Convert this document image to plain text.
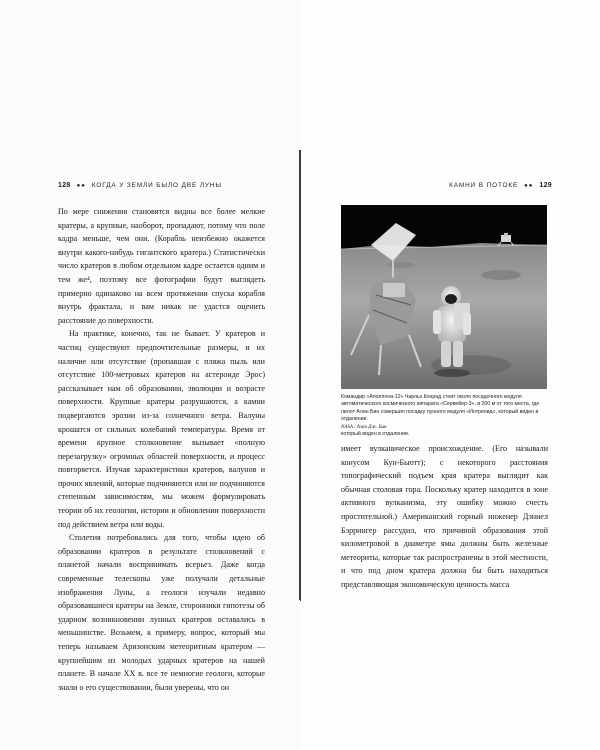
128 ●● КОГДА У ЗЕМЛИ БЫЛО ДВЕ ЛУНЫ

По мере снижения становятся видны все более мелкие кратеры, а крупные, наоборот, пропадают, потому что поле кадра меньше, чем они. (Корабль неизбежно окажется внутри какого-нибудь гигантского кратера.) Статистически число кратеров в любом отдельном кадре остается одним и тем же⁴, поэтому все фотографии будут выглядеть примерно одинаково на всем протяжении спуска корабля внутрь фрактала, и вам никак не удастся оценить расстояние до поверхности.

На практике, конечно, так не бывает. У кратеров и частиц существуют предпочтительные размеры, и их наличие или отсутствие (пропавшая с пляжа пыль или отсутствие 100-метровых кратеров на астероиде Эрос) рассказывает нам об образовании, эволюции и возрасте поверхности. Крупные кратеры разрушаются, а камни подвергаются эрозии из-за солнечного ветра. Валуны крошатся от сильных колебаний температуры. Время от времени крупное столкновение вызывает «полную перезагрузку» огромных областей поверхности, и процесс повторяется. Изучая характеристики кратеров, валунов и прочих явлений, которые подчиняются или не подчиняются степенным зависимостям, мы можем формулировать теории об их геологии, истории и обновлении поверхности под действием ветра или воды.

Столетия потребовались для того, чтобы идею об образовании кратеров в результате столкновений с планетой начали воспринимать всерьез. Даже когда современные телескопы уже получали детальные изображения Луны, а геологи изучали недавно образовавшиеся кратеры на Земле, сторонники гипотезы об ударном возникновении лунных кратеров оставались в меньшинстве. Возьмем, к примеру, вопрос, который мы теперь называем Аризонским метеоритным кратером — крупнейшим из молодых ударных кратеров на нашей планете. В начале XX в. все те немногие геологи, которые знали о его существовании, были уверены, что он

КАМНИ В ПОТОКЕ ●● 129
Командир «Аполлона-12» Чарльз Конрад стоит около посадочного модуля автоматического космического аппарата «Сервейер-3», в 200 м от того места, где пилот Алан Бин совершил посадку лунного модуля «Интрепид», который виден в отдалении.
NASA / Алан Дж. Бин
который виден в отдалении.

имеет вулканическое происхождение. (Его называли конусом Кун-Бьютт); с некоторого расстояния топографический подъем края кратера выглядит как обычная столовая гора. Поскольку кратер находится в зоне активного вулканизма, эту ошибку можно счесть простительной.) Американский горный инженер Дэниел Бэррингер рассудил, что причиной образования этой километровой в диаметре ямы должны быть железные метеориты, которые так распространены в этой местности, и что под дном кратера должна бы быть находиться представляющая экономическую ценность масса
